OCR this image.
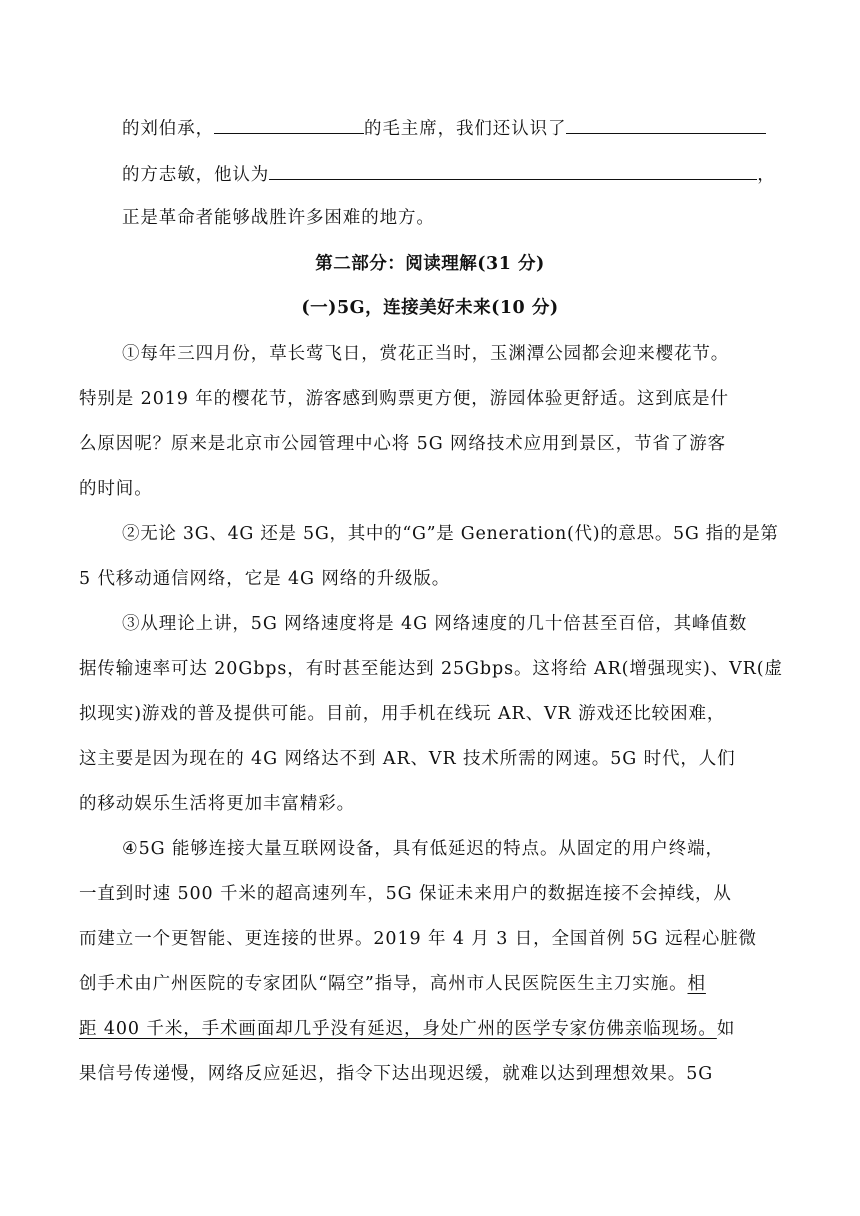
的刘伯承，	的毛主席，我们还认识了
的方志敏，他认为	，
正是革命者能够战胜许多困难的地方。
第二部分：阅读理解(31 分)
(一)5G，连接美好未来(10 分)
①每年三四月份，草长莺飞日，赏花正当时，玉渊潭公园都会迎来樱花节。
特别是 2019 年的樱花节，游客感到购票更方便，游园体验更舒适。这到底是什
么原因呢？原来是北京市公园管理中心将 5G 网络技术应用到景区，节省了游客
的时间。
②无论 3G、4G 还是 5G，其中的“G”是 Generation(代)的意思。5G 指的是第
5 代移动通信网络，它是 4G 网络的升级版。
③从理论上讲，5G 网络速度将是 4G 网络速度的几十倍甚至百倍，其峰值数
据传输速率可达 20Gbps，有时甚至能达到 25Gbps。这将给 AR(增强现实)、VR(虚
拟现实)游戏的普及提供可能。目前，用手机在线玩 AR、VR 游戏还比较困难，
这主要是因为现在的 4G 网络达不到 AR、VR 技术所需的网速。5G 时代，人们
的移动娱乐生活将更加丰富精彩。
④5G 能够连接大量互联网设备，具有低延迟的特点。从固定的用户终端，
一直到时速 500 千米的超高速列车，5G 保证未来用户的数据连接不会掉线，从
而建立一个更智能、更连接的世界。2019 年 4 月 3 日，全国首例 5G 远程心脏微
创手术由广州医院的专家团队“隔空”指导，高州市人民医院医生主刀实施。相
距 400 千米，手术画面却几乎没有延迟，身处广州的医学专家仿佛亲临现场。如
果信号传递慢，网络反应延迟，指令下达出现迟缓，就难以达到理想效果。5G
